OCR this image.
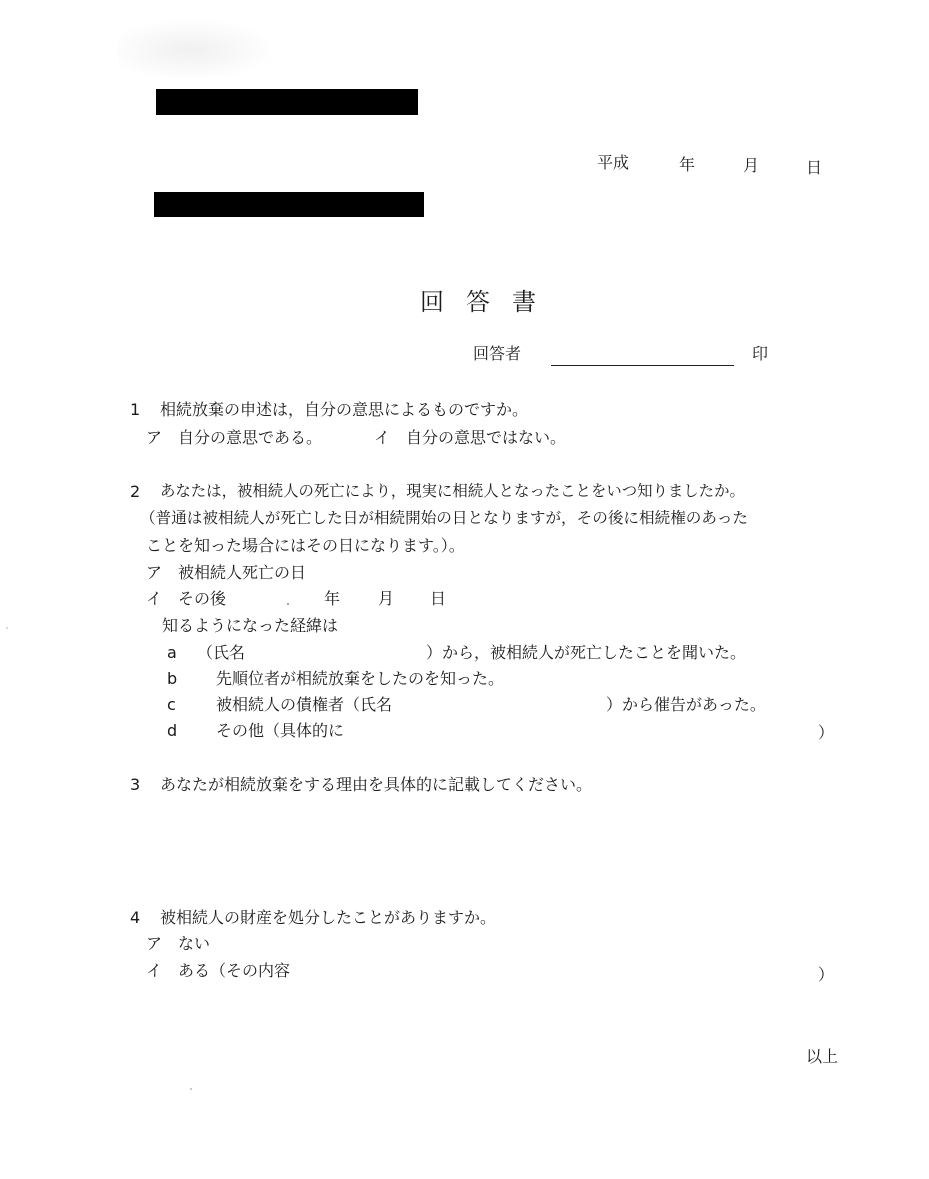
平成	年	月	日
回答書
回答者	印
1 相続放棄の申述は，自分の意思によるものですか。
ア　自分の意思である。	イ　自分の意思ではない。
2 あなたは，被相続人の死亡により，現実に相続人となったことをいつ知りましたか。
（普通は被相続人が死亡した日が相続開始の日となりますが，その後に相続権のあった
ことを知った場合にはその日になります。）。
ア　被相続人死亡の日
イ　その後	年 月 日
知るようになった経緯は
a （氏名	）から，被相続人が死亡したことを聞いた。
b 先順位者が相続放棄をしたのを知った。
c	被相続人の債権者（氏名	）から催告があった。
d その他（具体的に	）
3 あなたが相続放棄をする理由を具体的に記載してください。
4 被相続人の財産を処分したことがありますか。
ア　ない
イ　ある（その内容	）
以上
